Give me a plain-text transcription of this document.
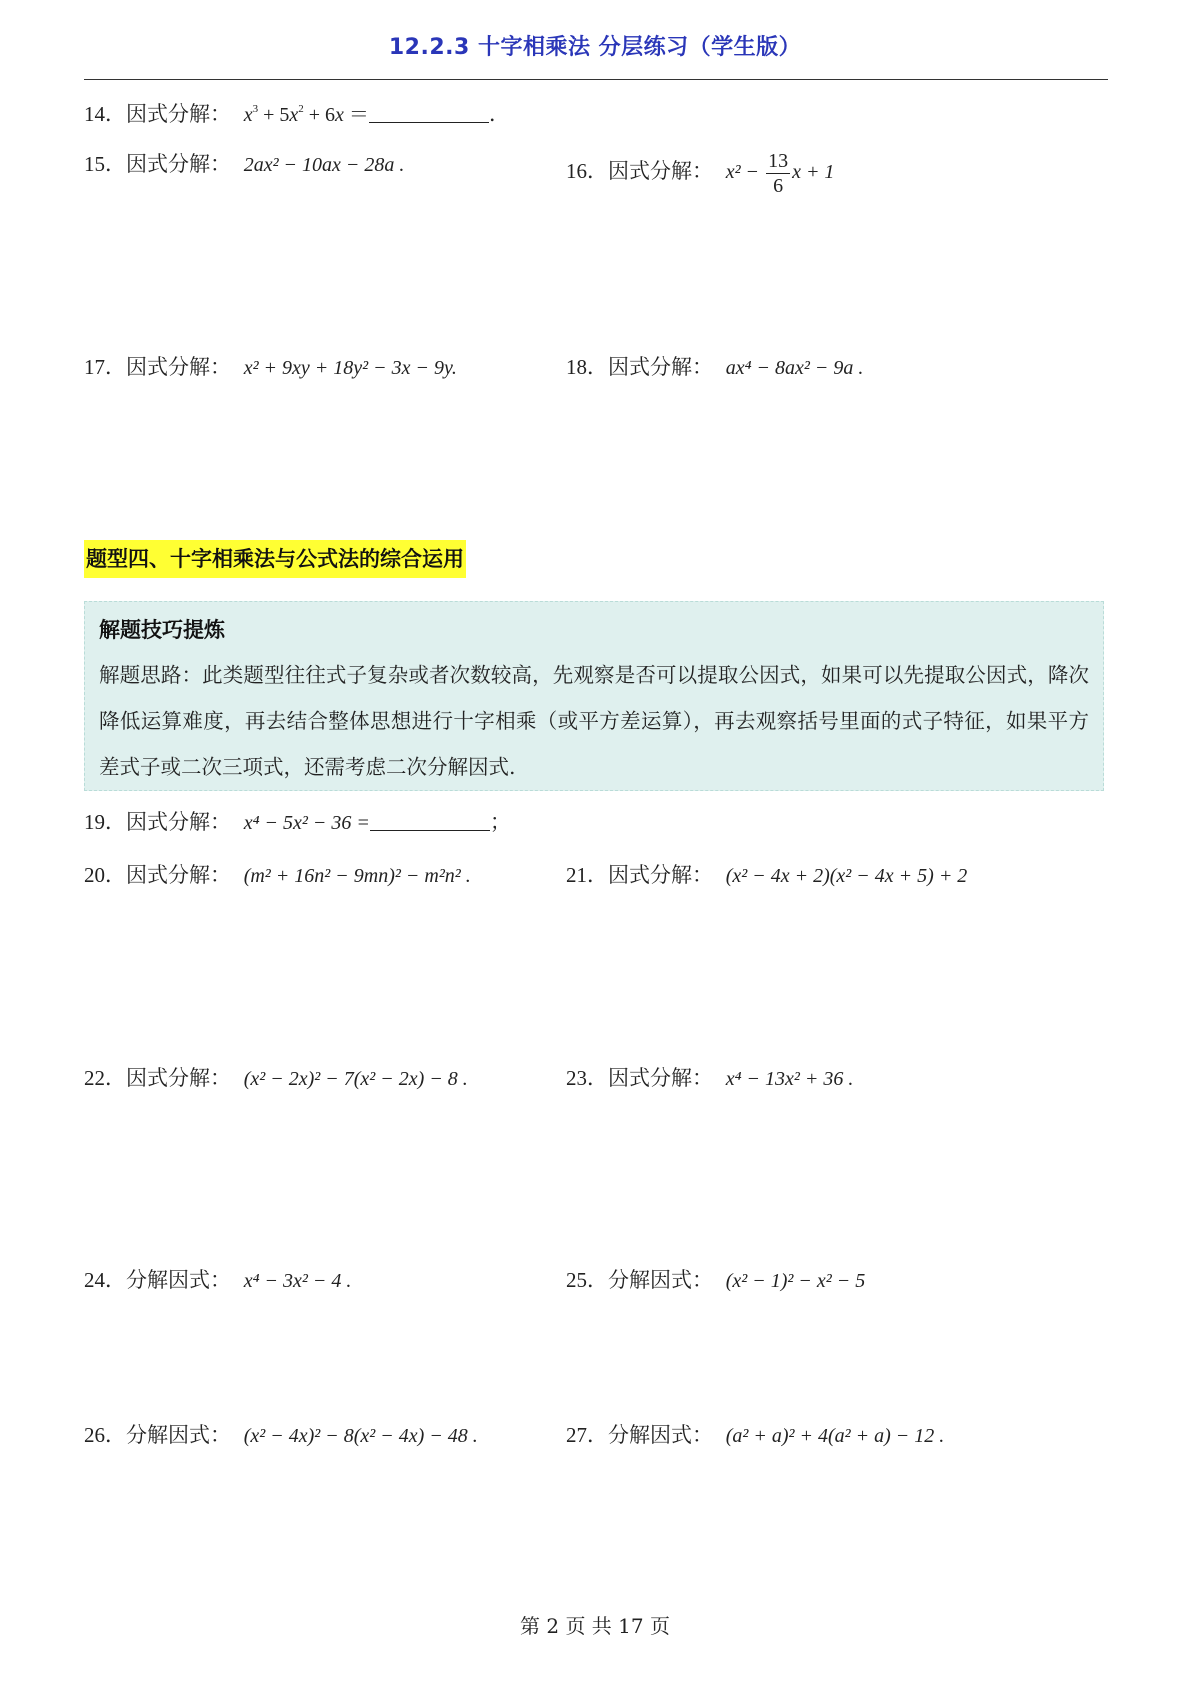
12.2.3 十字相乘法 分层练习（学生版）
14．因式分解： $x^3 + 5x^2 + 6x$ ＝	.
15．因式分解： 2ax² − 10ax − 28a .	16．因式分解： $x^2 - \frac{13}{6}$ x + 1
17．因式分解： x² + 9xy + 18y² − 3x − 9y.	18．因式分解： ax⁴ − 8ax² − 9a .
题型四、十字相乘法与公式法的综合运用
解题技巧提炼
解题思路：此类题型往往式子复杂或者次数较高，先观察是否可以提取公因式，如果可以先提取公因式，降次降低运算难度，再去结合整体思想进行十字相乘（或平方差运算），再去观察括号里面的式子特征，如果平方差式子或二次三项式，还需考虑二次分解因式.
19．因式分解： x⁴ − 5x² − 36 =	；
20．因式分解： (m² + 16n² − 9mn)² − m²n² .	21．因式分解： (x² − 4x + 2)(x² − 4x + 5) + 2
22．因式分解： (x² − 2x)² − 7(x² − 2x) − 8 .	23．因式分解： x⁴ − 13x² + 36 .
24．分解因式： x⁴ − 3x² − 4 .	25．分解因式： (x² − 1)² − x² − 5
26．分解因式： (x² − 4x)² − 8(x² − 4x) − 48 .	27．分解因式： (a² + a)² + 4(a² + a) − 12 .
第 2 页 共 17 页
